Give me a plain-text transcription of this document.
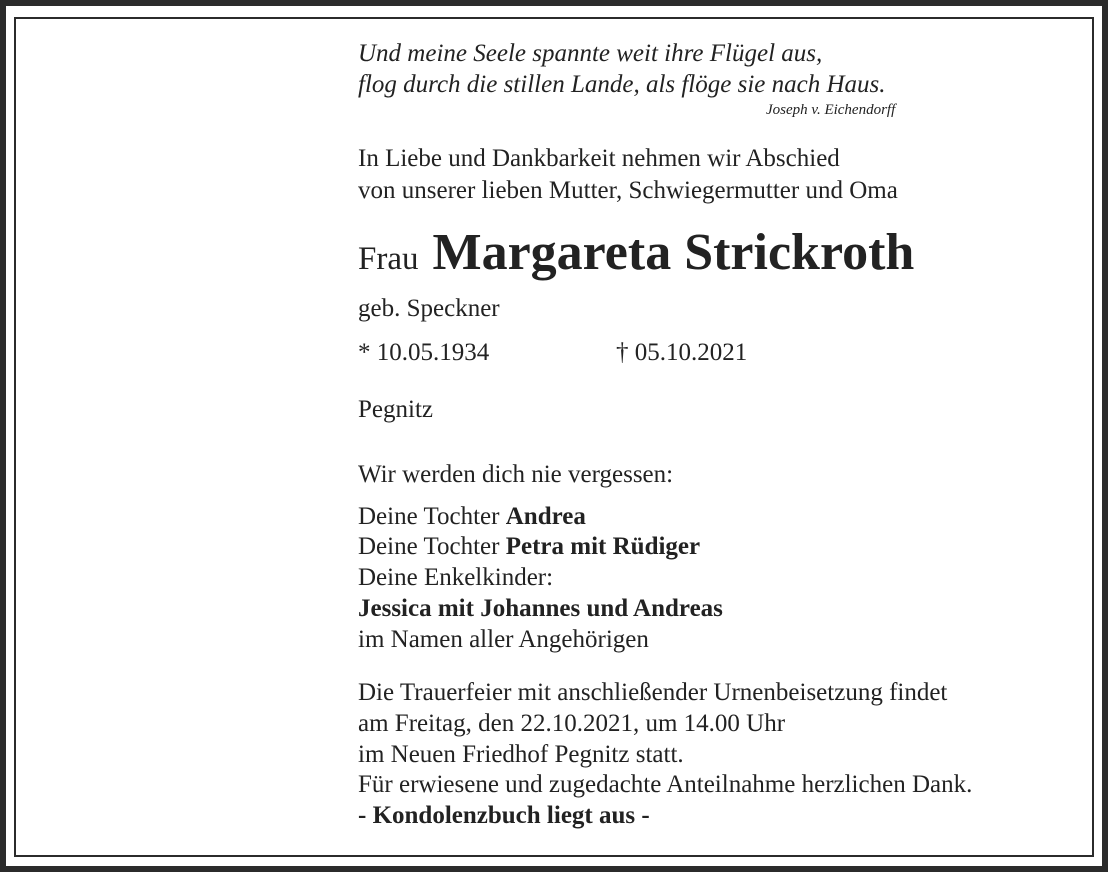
Und meine Seele spannte weit ihre Flügel aus,
flog durch die stillen Lande, als flöge sie nach Haus.
Joseph v. Eichendorff
In Liebe und Dankbarkeit nehmen wir Abschied
von unserer lieben Mutter, Schwiegermutter und Oma
Frau Margareta Strickroth
geb. Speckner
* 10.05.1934	† 05.10.2021
Pegnitz
Wir werden dich nie vergessen:
Deine Tochter Andrea
Deine Tochter Petra mit Rüdiger
Deine Enkelkinder:
Jessica mit Johannes und Andreas
im Namen aller Angehörigen
Die Trauerfeier mit anschließender Urnenbeisetzung findet
am Freitag, den 22.10.2021, um 14.00 Uhr
im Neuen Friedhof Pegnitz statt.
Für erwiesene und zugedachte Anteilnahme herzlichen Dank.
- Kondolenzbuch liegt aus -
